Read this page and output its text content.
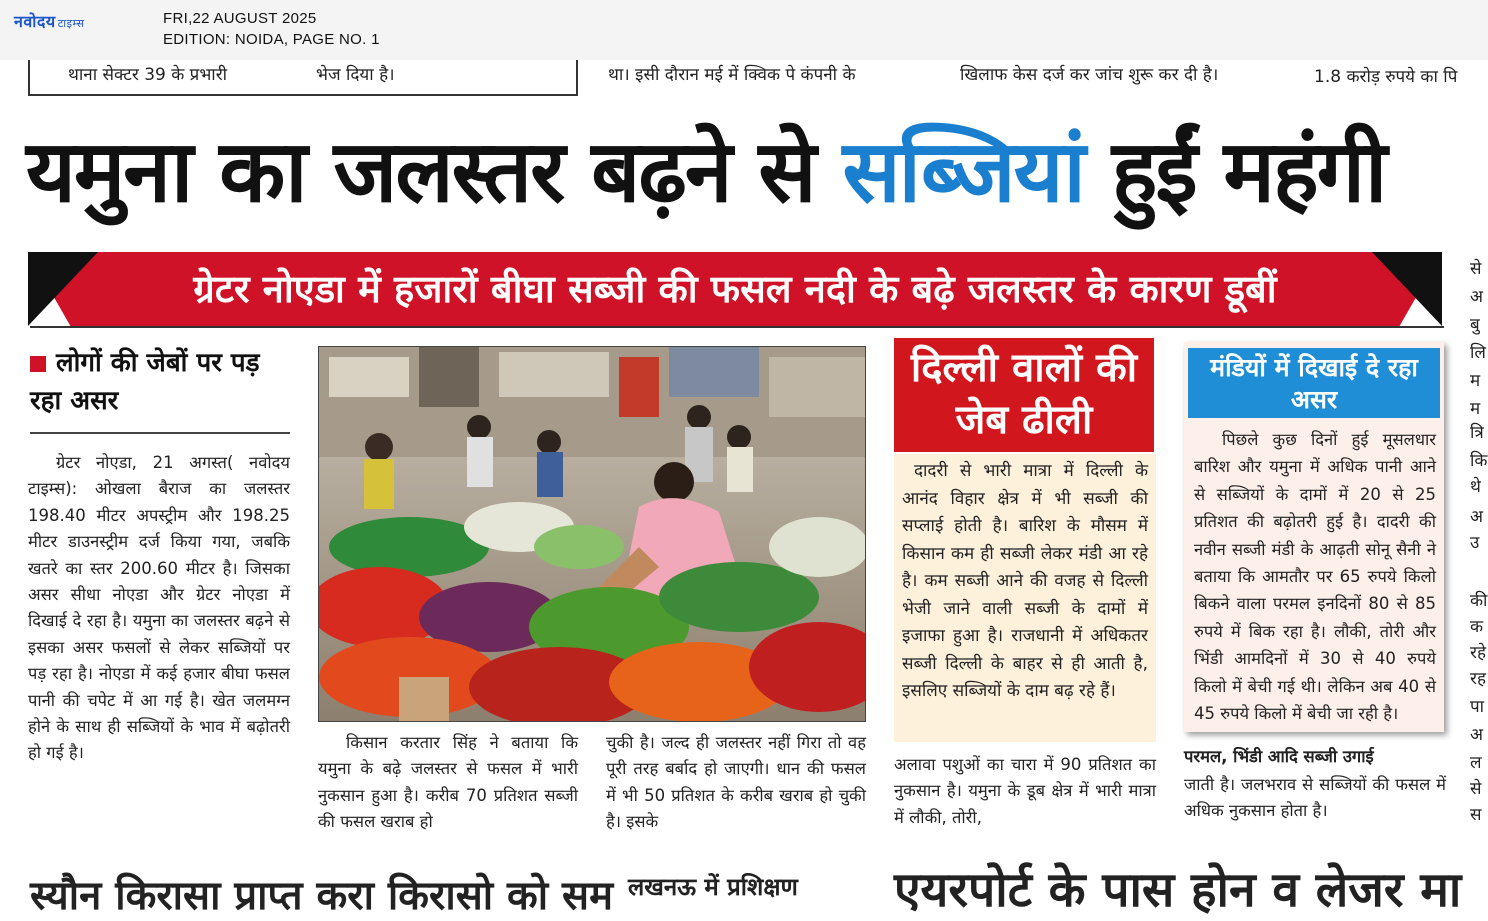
नवोदय टाइम्स	FRI,22 AUGUST 2025
EDITION: NOIDA, PAGE NO. 1
थाना सेक्टर 39 के प्रभारी	भेज दिया है।	था। इसी दौरान मई में क्विक पे कंपनी के	खिलाफ केस दर्ज कर जांच शुरू कर दी है।	1.8 करोड़ रुपये का पि
यमुना का जलस्तर बढ़ने से सब्जियां हुईं महंगी
ग्रेटर नोएडा में हजारों बीघा सब्जी की फसल नदी के बढ़े जलस्तर के कारण डूबीं
लोगों की जेबों पर पड़ रहा असर
ग्रेटर नोएडा, 21 अगस्त( नवोदय टाइम्स): ओखला बैराज का जलस्तर 198.40 मीटर अपस्ट्रीम और 198.25 मीटर डाउनस्ट्रीम दर्ज किया गया, जबकि खतरे का स्तर 200.60 मीटर है। जिसका असर सीधा नोएडा और ग्रेटर नोएडा में दिखाई दे रहा है। यमुना का जलस्तर बढ़ने से इसका असर फसलों से लेकर सब्जियों पर पड़ रहा है। नोएडा में कई हजार बीघा फसल पानी की चपेट में आ गई है। खेत जलमग्न होने के साथ ही सब्जियों के भाव में बढ़ोतरी हो गई है।
किसान करतार सिंह ने बताया कि यमुना के बढ़े जलस्तर से फसल में भारी नुकसान हुआ है। करीब 70 प्रतिशत सब्जी की फसल खराब हो
चुकी है। जल्द ही जलस्तर नहीं गिरा तो वह पूरी तरह बर्बाद हो जाएगी। धान की फसल में भी 50 प्रतिशत के करीब खराब हो चुकी है। इसके
दिल्ली वालों की जेब ढीली
दादरी से भारी मात्रा में दिल्ली के आनंद विहार क्षेत्र में भी सब्जी की सप्लाई होती है। बारिश के मौसम में किसान कम ही सब्जी लेकर मंडी आ रहे है। कम सब्जी आने की वजह से दिल्ली भेजी जाने वाली सब्जी के दामों में इजाफा हुआ है। राजधानी में अधिकतर सब्जी दिल्ली के बाहर से ही आती है, इसलिए सब्जियों के दाम बढ़ रहे हैं।
अलावा पशुओं का चारा में 90 प्रतिशत का नुकसान है। यमुना के डूब क्षेत्र में भारी मात्रा में लौकी, तोरी,
मंडियों में दिखाई दे रहा असर
पिछले कुछ दिनों हुई मूसलधार बारिश और यमुना में अधिक पानी आने से सब्जियों के दामों में 20 से 25 प्रतिशत की बढ़ोतरी हुई है। दादरी की नवीन सब्जी मंडी के आढ़ती सोनू सैनी ने बताया कि आमतौर पर 65 रुपये किलो बिकने वाला परमल इनदिनों 80 से 85 रुपये में बिक रहा है। लौकी, तोरी और भिंडी आमदिनों में 30 से 40 रुपये किलो में बेची गई थी। लेकिन अब 40 से 45 रुपये किलो में बेची जा रही है।
परमल, भिंडी आदि सब्जी उगाई
जाती है। जलभराव से सब्जियों की फसल में अधिक नुकसान होता है।
से
अ
बु
लि
म
म
त्रि
कि
थे
अ
उ
की
क
रहे
रह
पा
अ
ल
से
स
स्यौन किरासा प्राप्त करा किरासो को सम लखनऊ में प्रशिक्षण एयरपोर्ट के पास होन व लेजर मा
